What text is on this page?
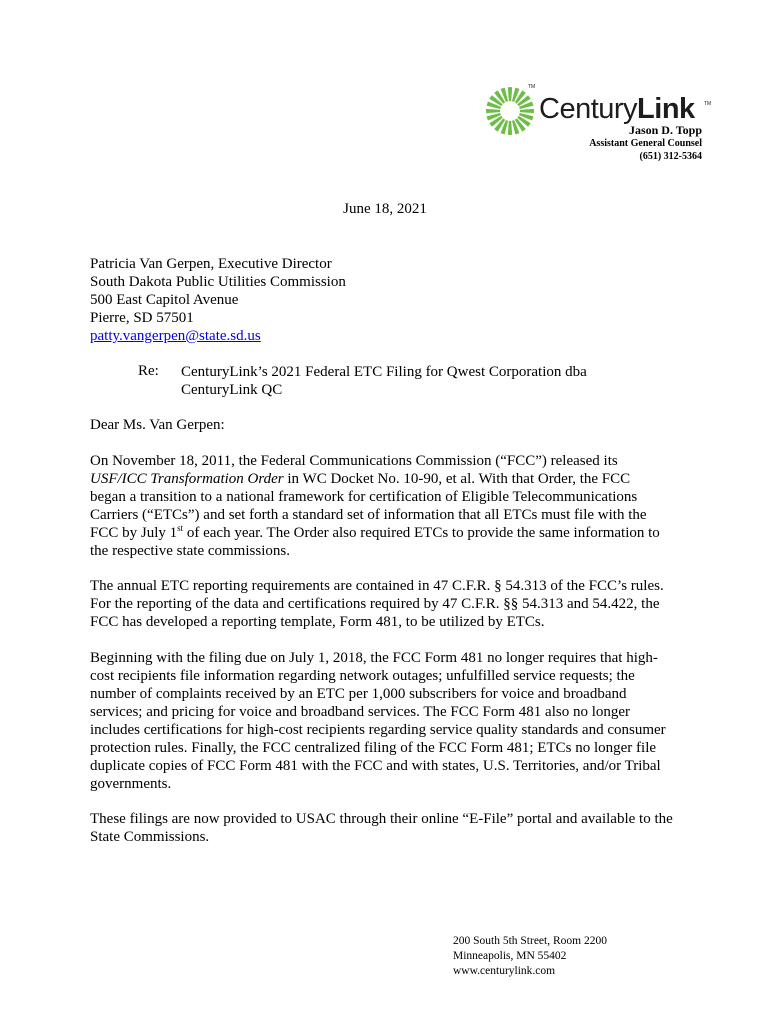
TM
CenturyLink TM
Jason D. Topp
Assistant General Counsel
(651) 312-5364
June 18, 2021
Patricia Van Gerpen, Executive Director
South Dakota Public Utilities Commission
500 East Capitol Avenue
Pierre, SD 57501
patty.vangerpen@state.sd.us
Re: CenturyLink’s 2021 Federal ETC Filing for Qwest Corporation dba
CenturyLink QC
Dear Ms. Van Gerpen:
On November 18, 2011, the Federal Communications Commission (“FCC”) released its
USF/ICC Transformation Order in WC Docket No. 10-90, et al. With that Order, the FCC
began a transition to a national framework for certification of Eligible Telecommunications
Carriers (“ETCs”) and set forth a standard set of information that all ETCs must file with the
FCC by July 1st of each year. The Order also required ETCs to provide the same information to
the respective state commissions.
The annual ETC reporting requirements are contained in 47 C.F.R. § 54.313 of the FCC’s rules.
For the reporting of the data and certifications required by 47 C.F.R. §§ 54.313 and 54.422, the
FCC has developed a reporting template, Form 481, to be utilized by ETCs.
Beginning with the filing due on July 1, 2018, the FCC Form 481 no longer requires that high-
cost recipients file information regarding network outages; unfulfilled service requests; the
number of complaints received by an ETC per 1,000 subscribers for voice and broadband
services; and pricing for voice and broadband services. The FCC Form 481 also no longer
includes certifications for high-cost recipients regarding service quality standards and consumer
protection rules. Finally, the FCC centralized filing of the FCC Form 481; ETCs no longer file
duplicate copies of FCC Form 481 with the FCC and with states, U.S. Territories, and/or Tribal
governments.
These filings are now provided to USAC through their online “E-File” portal and available to the
State Commissions.
200 South 5th Street, Room 2200
Minneapolis, MN 55402
www.centurylink.com
